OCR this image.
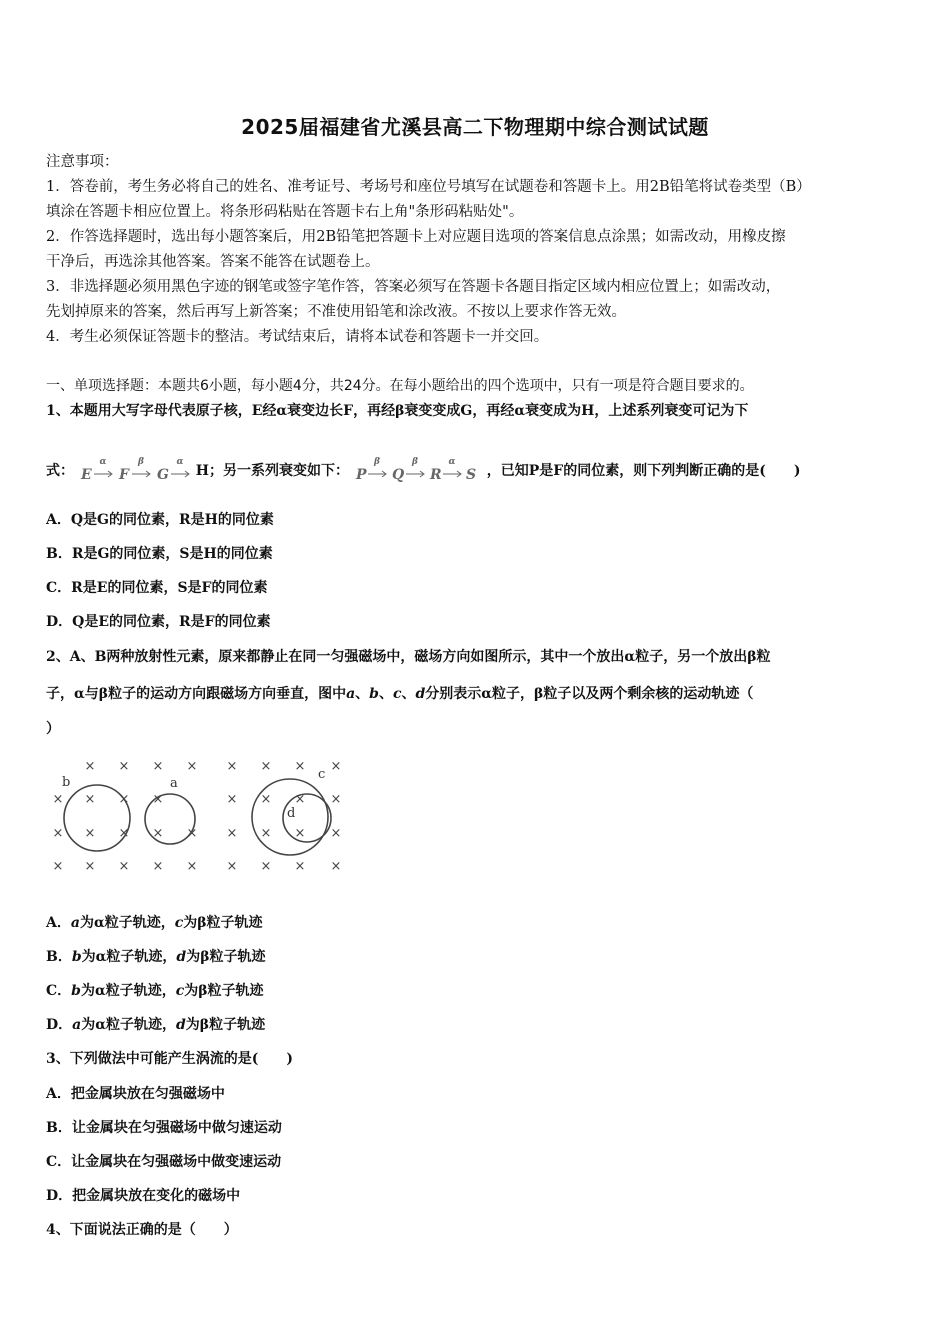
2025届福建省尤溪县高二下物理期中综合测试试题
注意事项：
1．答卷前，考生务必将自己的姓名、准考证号、考场号和座位号填写在试题卷和答题卡上。用2B铅笔将试卷类型（B）
填涂在答题卡相应位置上。将条形码粘贴在答题卡右上角"条形码粘贴处"。
2．作答选择题时，选出每小题答案后，用2B铅笔把答题卡上对应题目选项的答案信息点涂黑；如需改动，用橡皮擦
干净后，再选涂其他答案。答案不能答在试题卷上。
3．非选择题必须用黑色字迹的钢笔或签字笔作答，答案必须写在答题卡各题目指定区域内相应位置上；如需改动，
先划掉原来的答案，然后再写上新答案；不准使用铅笔和涂改液。不按以上要求作答无效。
4．考生必须保证答题卡的整洁。考试结束后，请将本试卷和答题卡一并交回。
一、单项选择题：本题共6小题，每小题4分，共24分。在每小题给出的四个选项中，只有一项是符合题目要求的。
1、本题用大写字母代表原子核，E经α衰变边长F，再经β衰变变成G，再经α衰变成为H，上述系列衰变可记为下
式： E F G
α	β	α
H；另一系列衰变如下： P Q R S
β	β	α
，已知P是F的同位素，则下列判断正确的是(　　)
A．Q是G的同位素，R是H的同位素
B．R是G的同位素，S是H的同位素
C．R是E的同位素，S是F的同位素
D．Q是E的同位素，R是F的同位素
2、A、B两种放射性元素，原来都静止在同一匀强磁场中，磁场方向如图所示，其中一个放出α粒子，另一个放出β粒
子，α与β粒子的运动方向跟磁场方向垂直，图中a、b、c、d分别表示α粒子，β粒子以及两个剩余核的运动轨迹（
）
× × × × × × × ×
× × × ×	× × × ×
× × × × × × × × ×
× × × × × × × × ×
b	a
c
d
A．a为α粒子轨迹，c为β粒子轨迹
B．b为α粒子轨迹，d为β粒子轨迹
C．b为α粒子轨迹，c为β粒子轨迹
D．a为α粒子轨迹，d为β粒子轨迹
3、下列做法中可能产生涡流的是(　　)
A．把金属块放在匀强磁场中
B．让金属块在匀强磁场中做匀速运动
C．让金属块在匀强磁场中做变速运动
D．把金属块放在变化的磁场中
4、下面说法正确的是（　　）
